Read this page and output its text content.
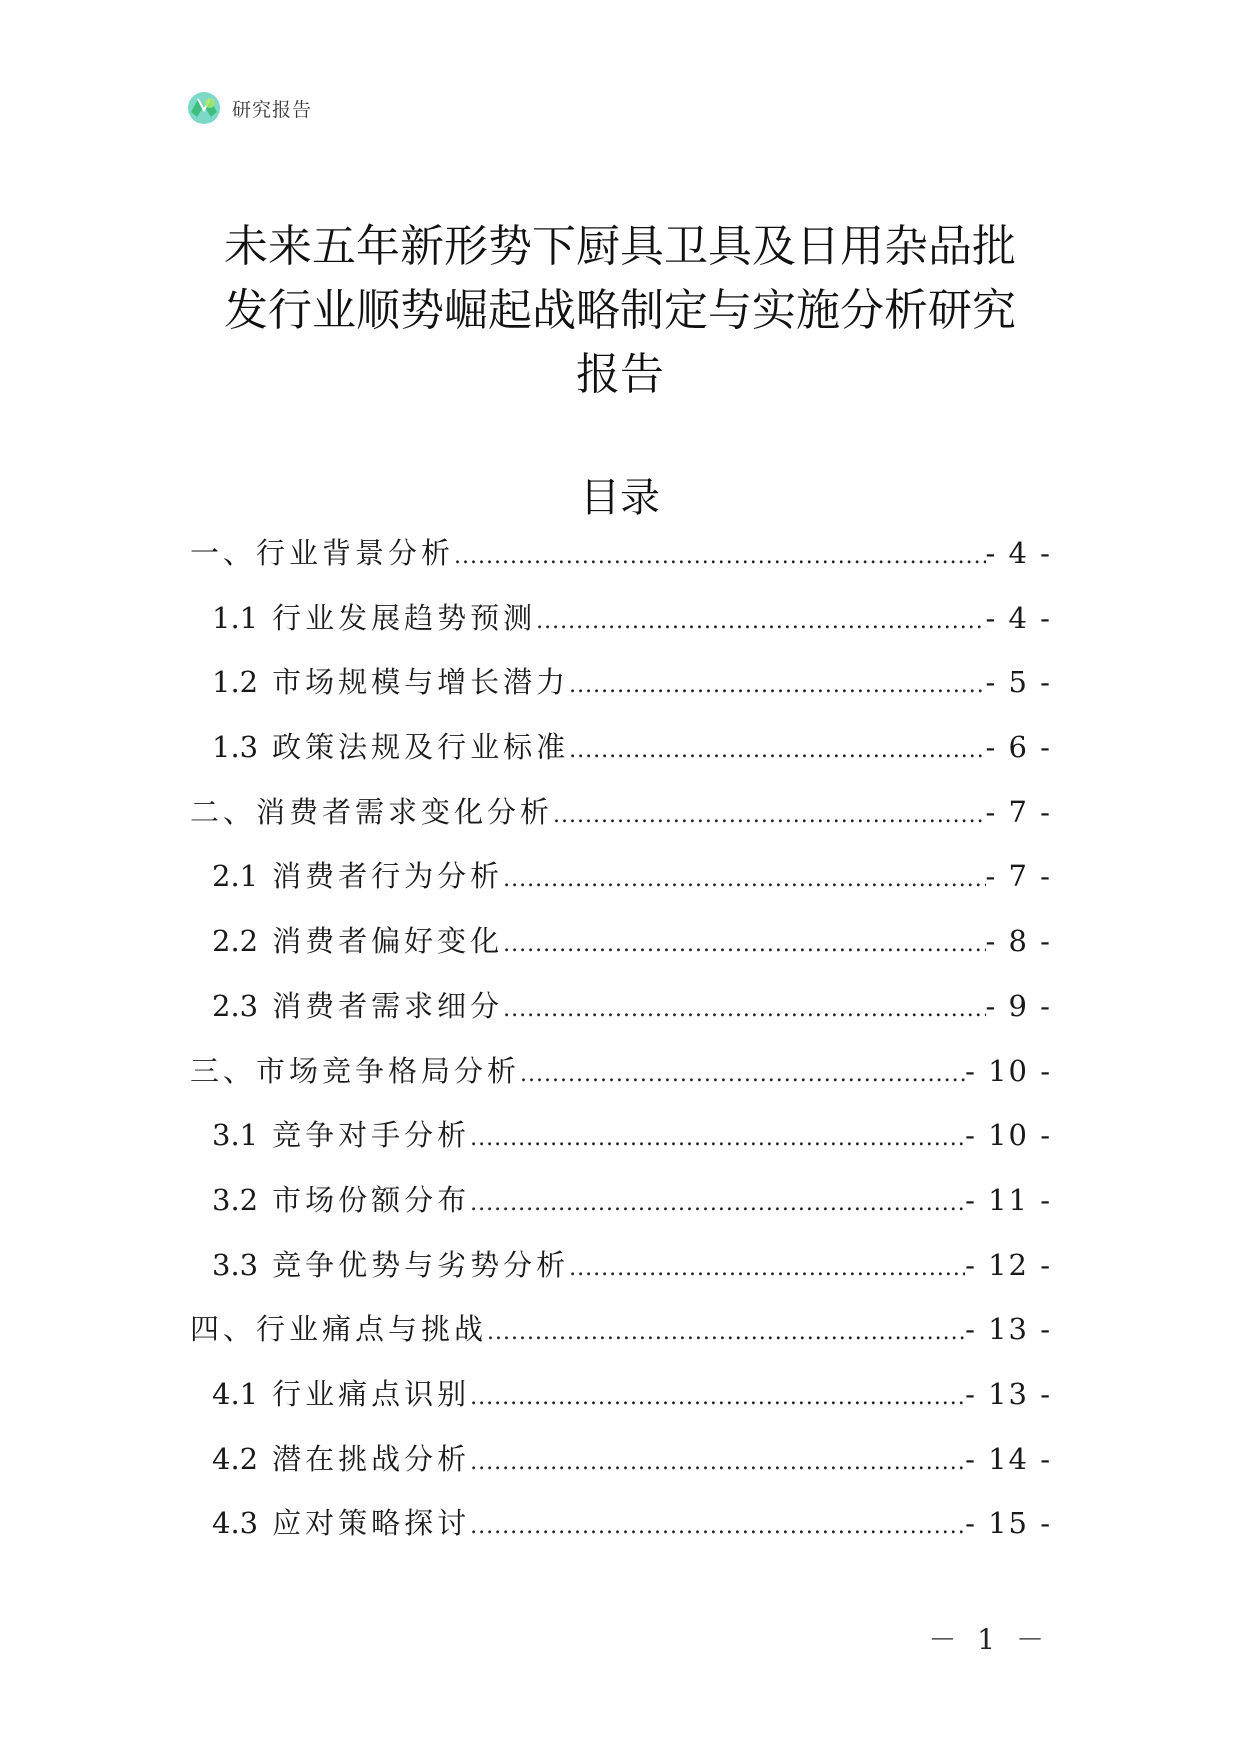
研究报告
未来五年新形势下厨具卫具及日用杂品批
发行业顺势崛起战略制定与实施分析研究
报告
目录
一、行业背景分析 .....	- 4 -
1.1 行业发展趋势预测 .....	- 4 -
1.2 市场规模与增长潜力 .....	- 5 -
1.3 政策法规及行业标准 .....	- 6 -
二、消费者需求变化分析 .....	- 7 -
2.1 消费者行为分析 .....	- 7 -
2.2 消费者偏好变化 .....	- 8 -
2.3 消费者需求细分 .....	- 9 -
三、市场竞争格局分析 .....	- 10 -
3.1 竞争对手分析 .....	- 10 -
3.2 市场份额分布 .....	- 11 -
3.3 竞争优势与劣势分析 .....	- 12 -
四、行业痛点与挑战 .....	- 13 -
4.1 行业痛点识别 .....	- 13 -
4.2 潜在挑战分析 .....	- 14 -
4.3 应对策略探讨 .....	- 15 -
－ 1 －
